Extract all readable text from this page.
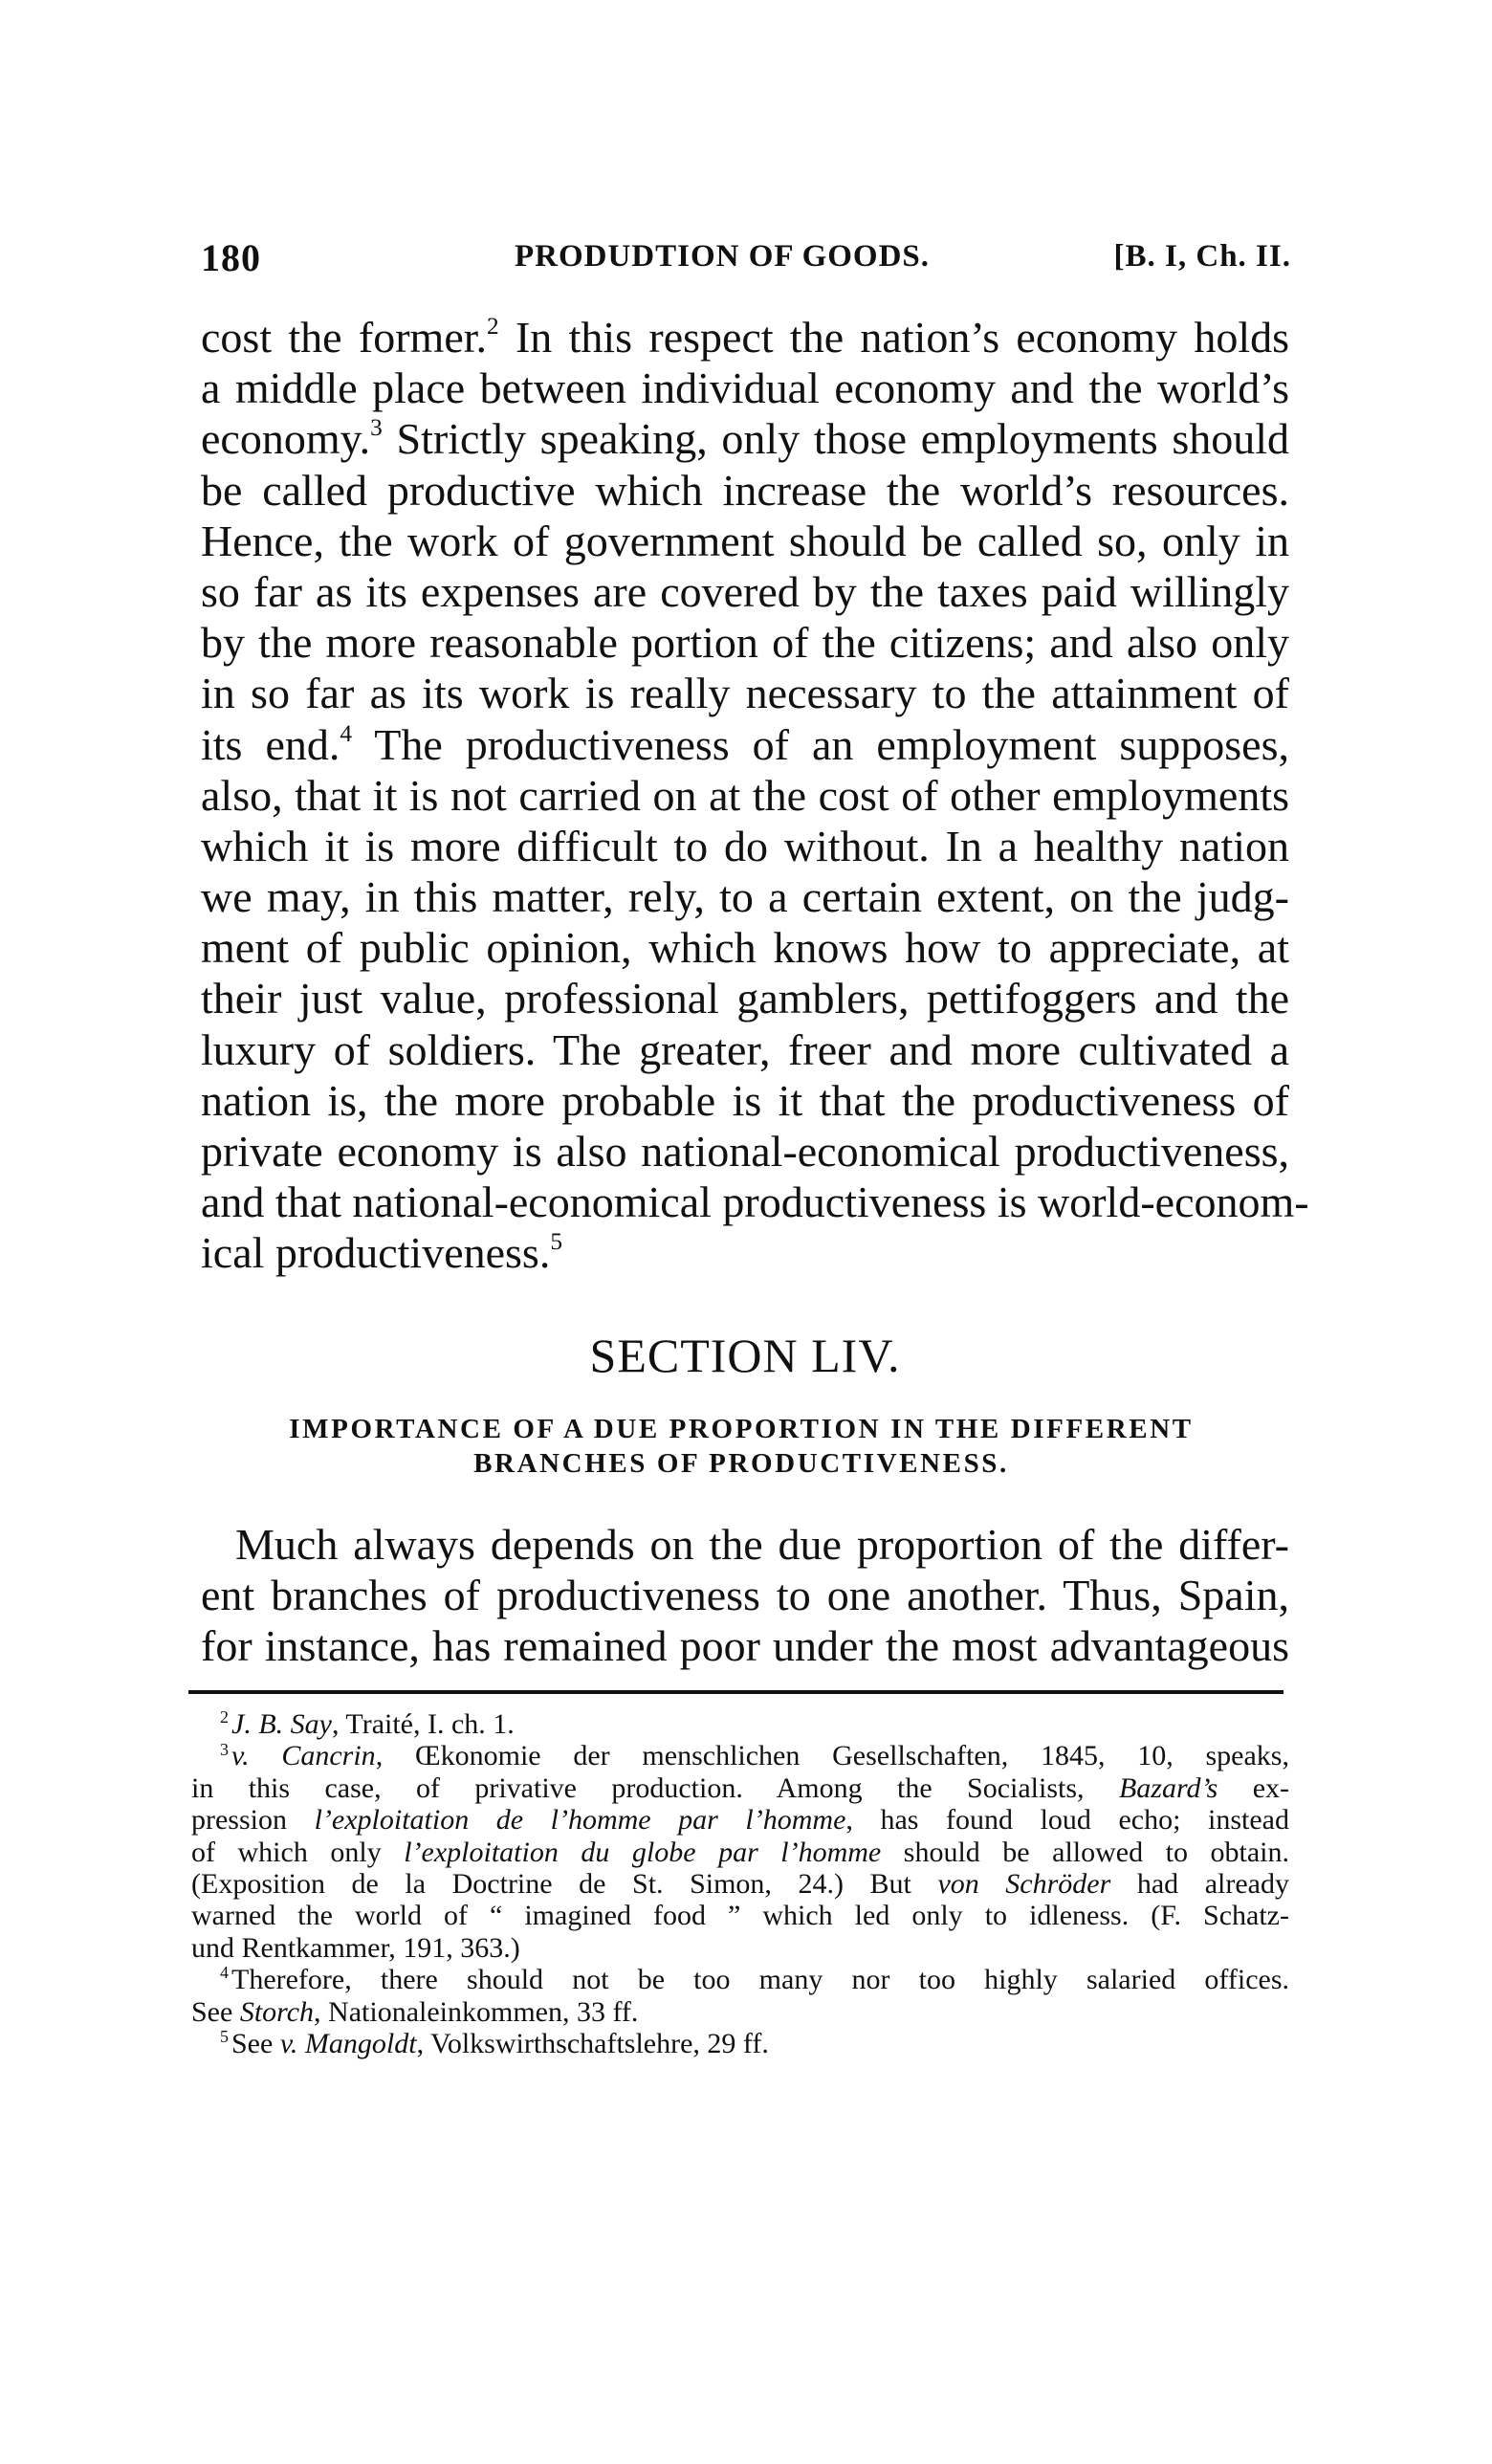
180	PRODUDTION OF GOODS.	[B. I, Ch. II.
cost the former.$^2$ In this respect the nation’s economy holds
a middle place between individual economy and the world’s
economy.$^3$ Strictly speaking, only those employments should
be called productive which increase the world’s resources.
Hence, the work of government should be called so, only in
so far as its expenses are covered by the taxes paid willingly
by the more reasonable portion of the citizens; and also only
in so far as its work is really necessary to the attainment of
its end.$^4$ The productiveness of an employment supposes,
also, that it is not carried on at the cost of other employments
which it is more difficult to do without. In a healthy nation
we may, in this matter, rely, to a certain extent, on the judg-
ment of public opinion, which knows how to appreciate, at
their just value, professional gamblers, pettifoggers and the
luxury of soldiers. The greater, freer and more cultivated a
nation is, the more probable is it that the productiveness of
private economy is also national-economical productiveness,
and that national-economical productiveness is world-econom-
ical productiveness.$^5$
SECTION LIV.
IMPORTANCE OF A DUE PROPORTION IN THE DIFFERENT
BRANCHES OF PRODUCTIVENESS.
Much always depends on the due proportion of the differ-
ent branches of productiveness to one another. Thus, Spain,
for instance, has remained poor under the most advantageous
$^2$ J. B. Say, Traité, I. ch. 1.
$^3$ v. Cancrin, Œkonomie der menschlichen Gesellschaften, 1845, 10, speaks,
in this case, of privative production. Among the Socialists, Bazard’s ex-
pression l’exploitation de l’homme par l’homme, has found loud echo; instead
of which only l’exploitation du globe par l’homme should be allowed to obtain.
(Exposition de la Doctrine de St. Simon, 24.) But von Schröder had already
warned the world of “ imagined food ” which led only to idleness. (F. Schatz-
und Rentkammer, 191, 363.)
$^4$ Therefore, there should not be too many nor too highly salaried offices.
See Storch, Nationaleinkommen, 33 ff.
$^5$ See v. Mangoldt, Volkswirthschaftslehre, 29 ff.
